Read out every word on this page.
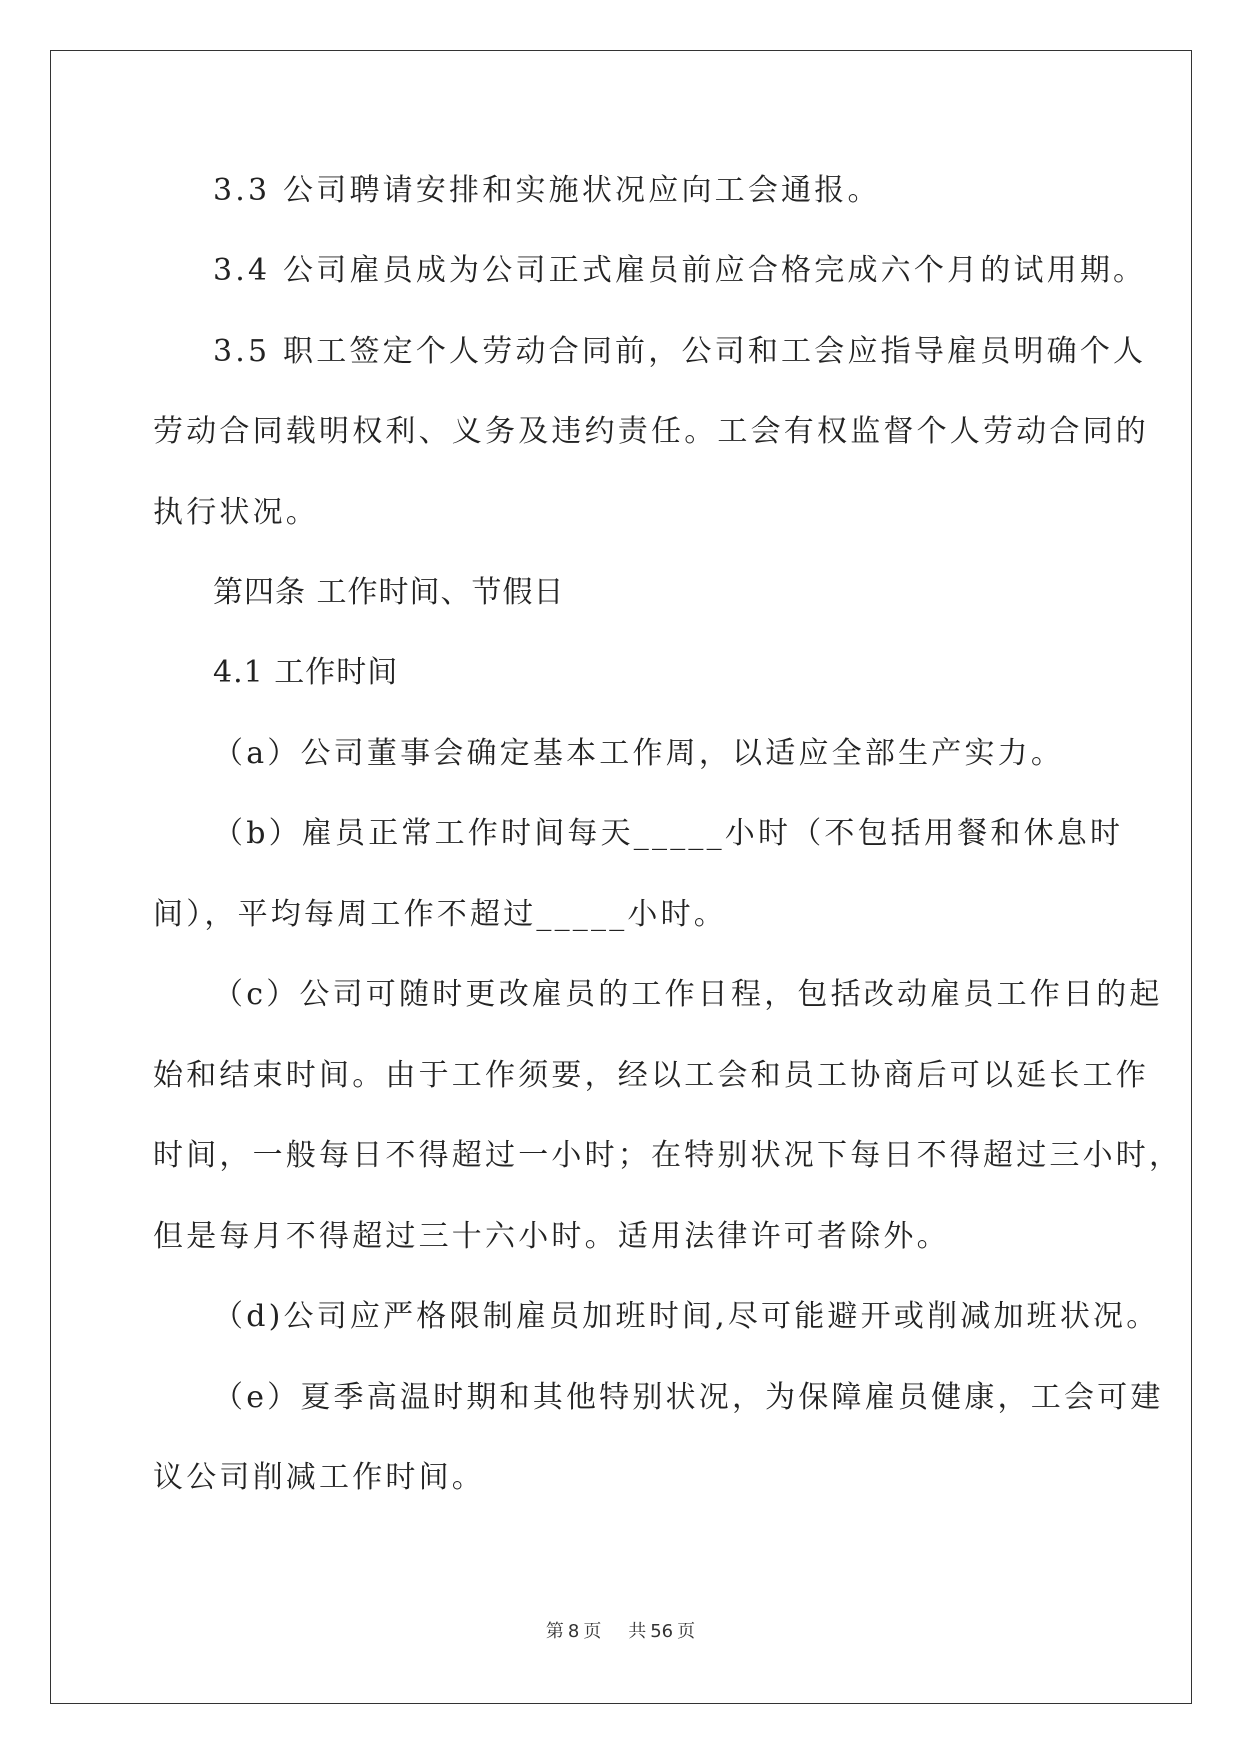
3.3 公司聘请安排和实施状况应向工会通报。
3.4 公司雇员成为公司正式雇员前应合格完成六个月的试用期。
3.5 职工签定个人劳动合同前，公司和工会应指导雇员明确个人
劳动合同载明权利、义务及违约责任。工会有权监督个人劳动合同的
执行状况。
第四条 工作时间、节假日
4.1 工作时间
（a）公司董事会确定基本工作周，以适应全部生产实力。
（b）雇员正常工作时间每天_____小时（不包括用餐和休息时
间），平均每周工作不超过_____小时。
（c）公司可随时更改雇员的工作日程，包括改动雇员工作日的起
始和结束时间。由于工作须要，经以工会和员工协商后可以延长工作
时间，一般每日不得超过一小时；在特别状况下每日不得超过三小时，
但是每月不得超过三十六小时。适用法律许可者除外。
（d)公司应严格限制雇员加班时间,尽可能避开或削减加班状况。
（e）夏季高温时期和其他特别状况，为保障雇员健康，工会可建
议公司削减工作时间。
第 8 页 共 56 页
